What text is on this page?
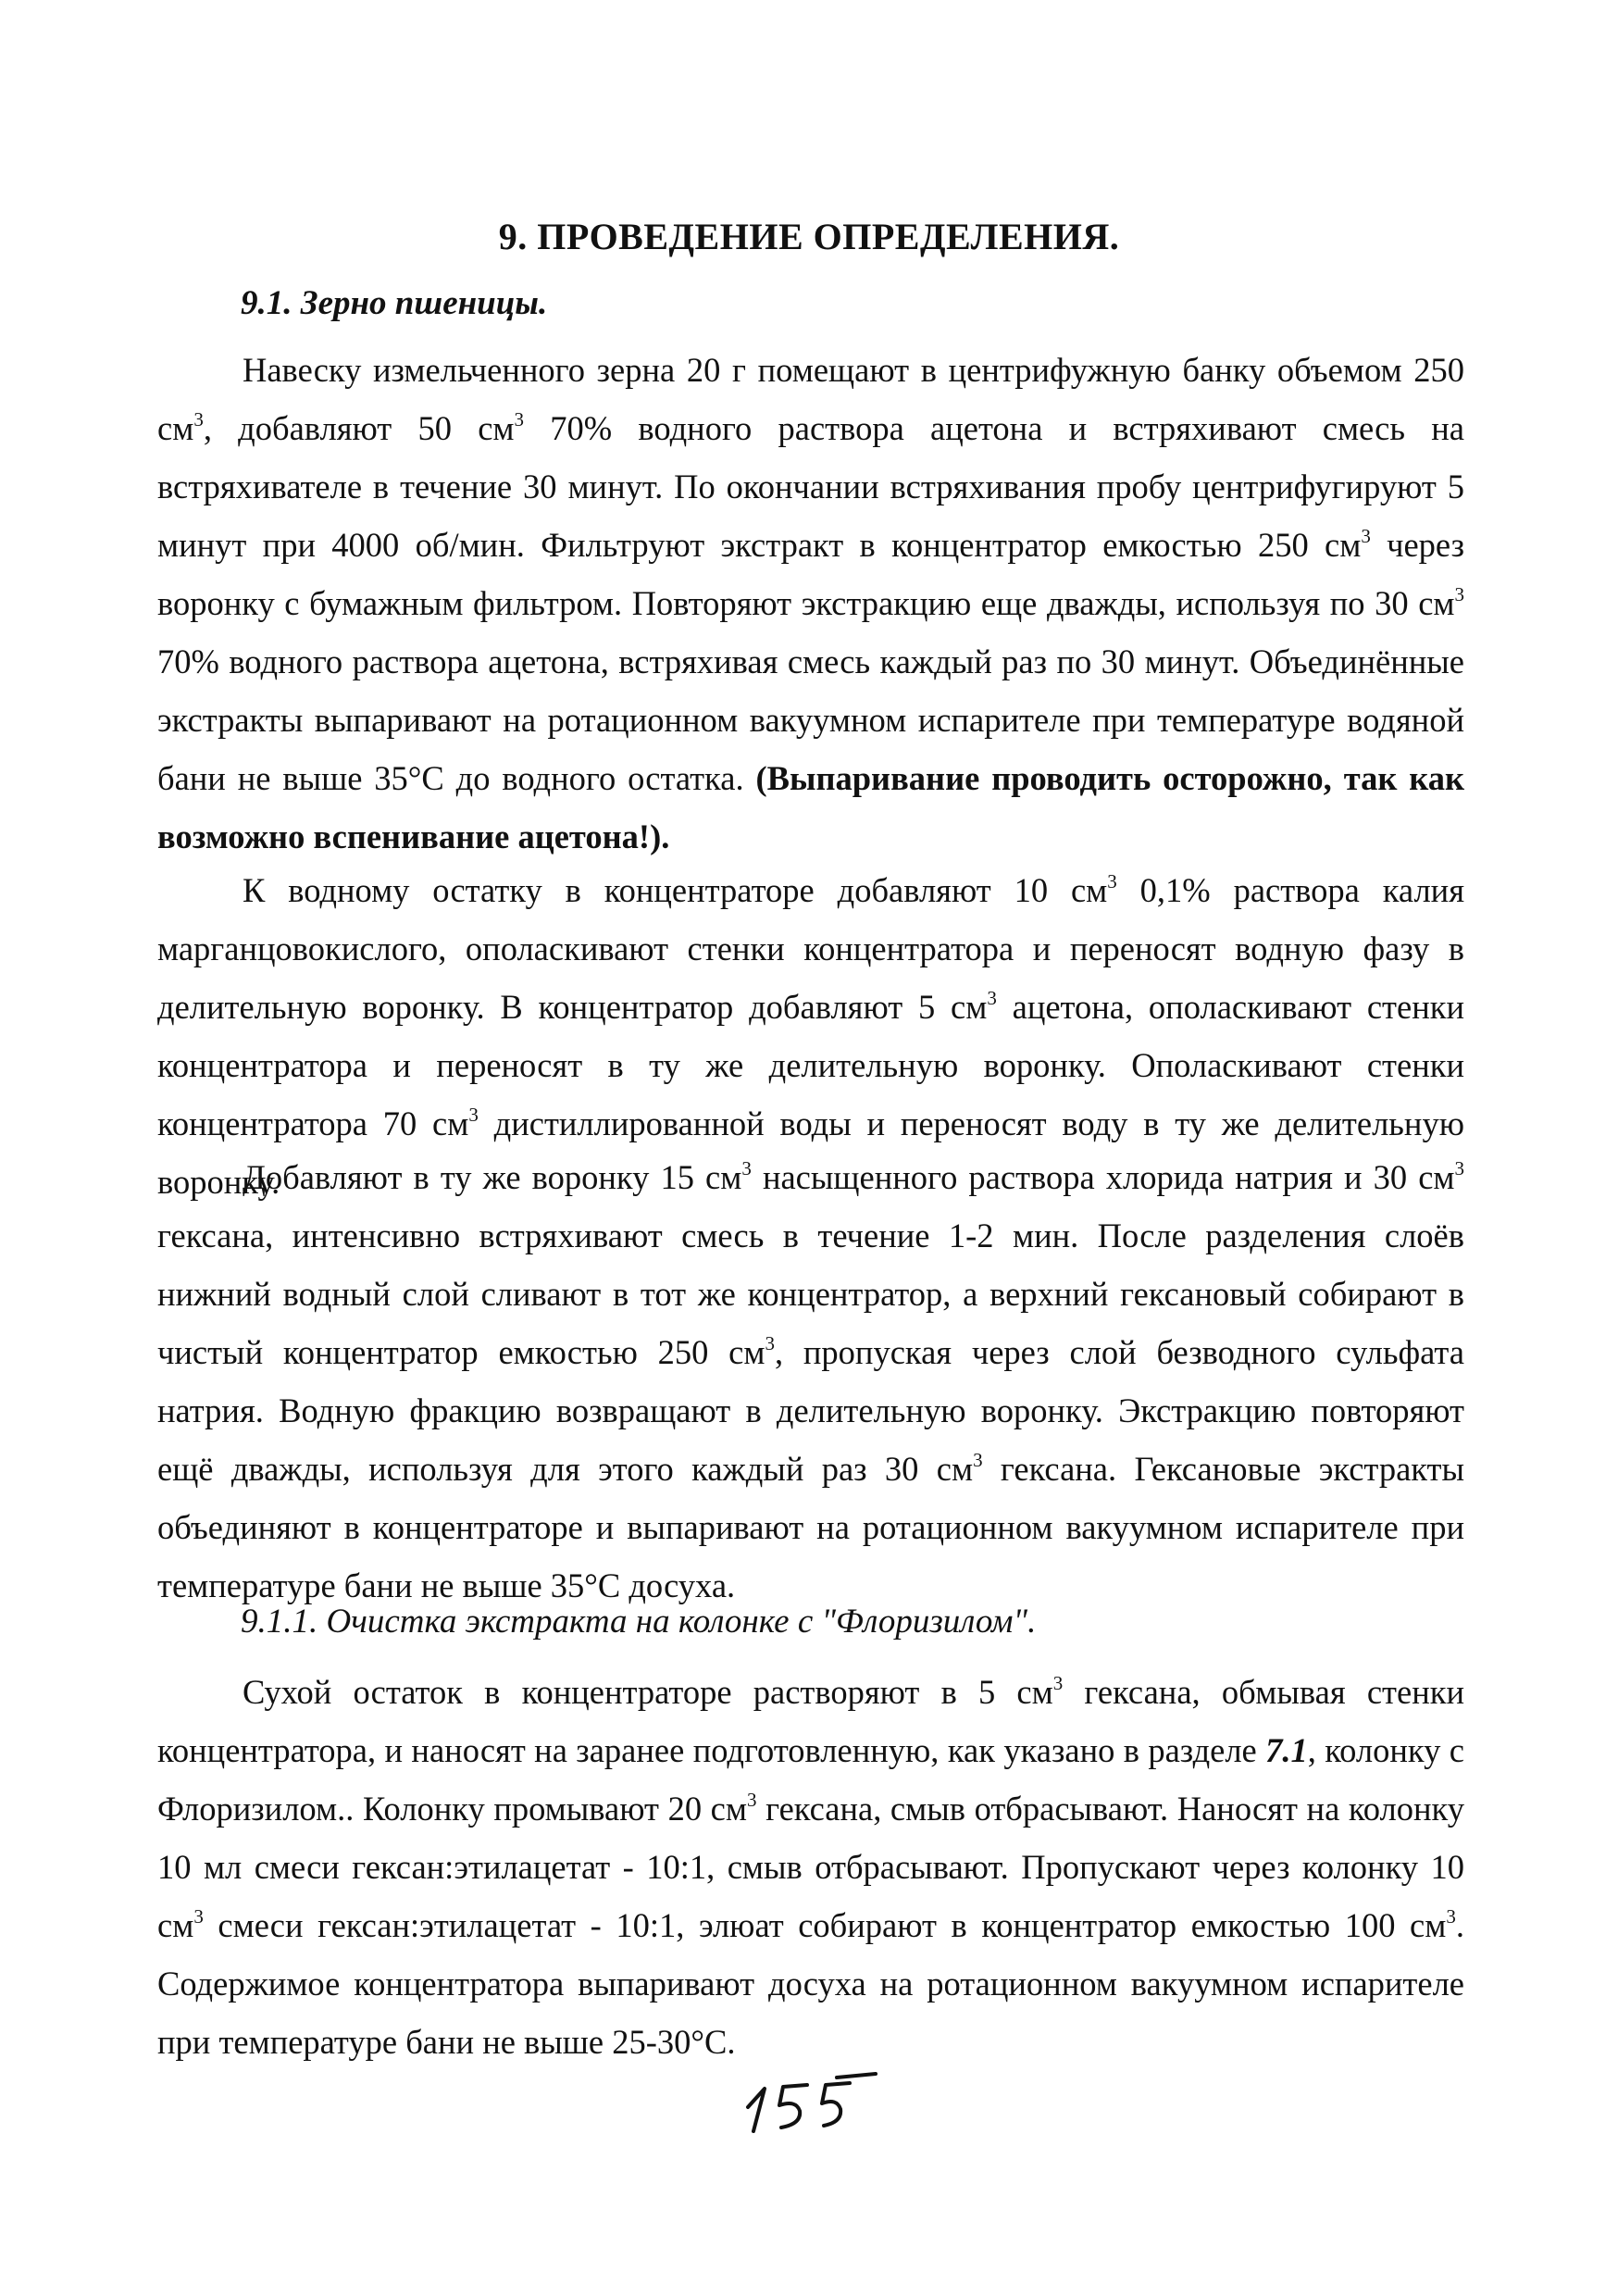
9. ПРОВЕДЕНИЕ ОПРЕДЕЛЕНИЯ.
9.1. Зерно пшеницы.
Навеску измельченного зерна 20 г помещают в центрифужную банку объемом 250 $см^3$, добавляют 50 $см^3$ 70% водного раствора ацетона и встряхивают смесь на встряхивателе в течение 30 минут. По окончании встряхивания пробу центрифугируют 5 минут при 4000 об/мин. Фильтруют экстракт в концентратор емкостью 250 $см^3$ через воронку с бумажным фильтром. Повторяют экстракцию еще дважды, используя по 30 $см^3$ 70% водного раствора ацетона, встряхивая смесь каждый раз по 30 минут. Объединённые экстракты выпаривают на ротационном вакуумном испарителе при температуре водяной бани не выше 35°С до водного остатка. (Выпаривание проводить осторожно, так как возможно вспенивание ацетона!).
К водному остатку в концентраторе добавляют 10 $см^3$ 0,1% раствора калия марганцовокислого, ополаскивают стенки концентратора и переносят водную фазу в делительную воронку. В концентратор добавляют 5 $см^3$ ацетона, ополаскивают стенки концентратора и переносят в ту же делительную воронку. Ополаскивают стенки концентратора 70 $см^3$ дистиллированной воды и переносят воду в ту же делительную воронку.
Добавляют в ту же воронку 15 $см^3$ насыщенного раствора хлорида натрия и 30 $см^3$ гексана, интенсивно встряхивают смесь в течение 1-2 мин. После разделения слоёв нижний водный слой сливают в тот же концентратор, а верхний гексановый собирают в чистый концентратор емкостью 250 $см^3$, пропуская через слой безводного сульфата натрия. Водную фракцию возвращают в делительную воронку. Экстракцию повторяют ещё дважды, используя для этого каждый раз 30 $см^3$ гексана. Гексановые экстракты объединяют в концентраторе и выпаривают на ротационном вакуумном испарителе при температуре бани не выше 35°С досуха.
9.1.1. Очистка экстракта на колонке с "Флоризилом".
Сухой остаток в концентраторе растворяют в 5 $см^3$ гексана, обмывая стенки концентратора, и наносят на заранее подготовленную, как указано в разделе 7.1, колонку с Флоризилом.. Колонку промывают 20 $см^3$ гексана, смыв отбрасывают. Наносят на колонку 10 мл смеси гексан:этилацетат - 10:1, смыв отбрасывают. Пропускают через колонку 10 $см^3$ смеси гексан:этилацетат - 10:1, элюат собирают в концентратор емкостью 100 $см^3$. Содержимое концентратора выпаривают досуха на ротационном вакуумном испарителе при температуре бани не выше 25-30°С.
